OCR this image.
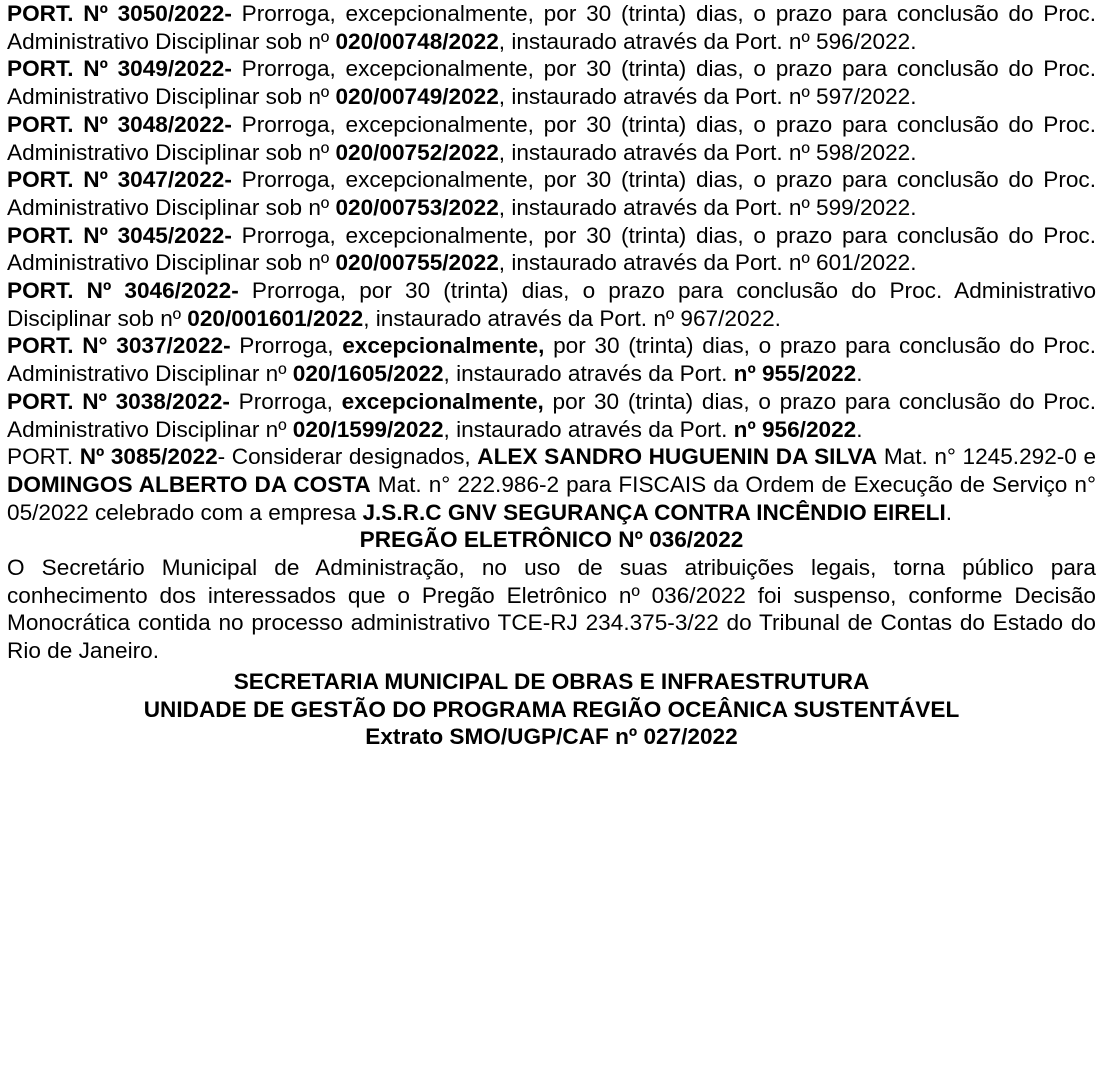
PORT. Nº 3050/2022- Prorroga, excepcionalmente, por 30 (trinta) dias, o prazo para conclusão do Proc. Administrativo Disciplinar sob nº 020/00748/2022, instaurado através da Port. nº 596/2022.

PORT. Nº 3049/2022- Prorroga, excepcionalmente, por 30 (trinta) dias, o prazo para conclusão do Proc. Administrativo Disciplinar sob nº 020/00749/2022, instaurado através da Port. nº 597/2022.

PORT. Nº 3048/2022- Prorroga, excepcionalmente, por 30 (trinta) dias, o prazo para conclusão do Proc. Administrativo Disciplinar sob nº 020/00752/2022, instaurado através da Port. nº 598/2022.

PORT. Nº 3047/2022- Prorroga, excepcionalmente, por 30 (trinta) dias, o prazo para conclusão do Proc. Administrativo Disciplinar sob nº 020/00753/2022, instaurado através da Port. nº 599/2022.

PORT. Nº 3045/2022- Prorroga, excepcionalmente, por 30 (trinta) dias, o prazo para conclusão do Proc. Administrativo Disciplinar sob nº 020/00755/2022, instaurado através da Port. nº 601/2022.

PORT. Nº 3046/2022- Prorroga, por 30 (trinta) dias, o prazo para conclusão do Proc. Administrativo Disciplinar sob nº 020/001601/2022, instaurado através da Port. nº 967/2022.

PORT. N° 3037/2022- Prorroga, excepcionalmente, por 30 (trinta) dias, o prazo para conclusão do Proc. Administrativo Disciplinar nº 020/1605/2022, instaurado através da Port. nº 955/2022.

PORT. Nº 3038/2022- Prorroga, excepcionalmente, por 30 (trinta) dias, o prazo para conclusão do Proc. Administrativo Disciplinar nº 020/1599/2022, instaurado através da Port. nº 956/2022.

PORT. Nº 3085/2022- Considerar designados, ALEX SANDRO HUGUENIN DA SILVA Mat. n° 1245.292-0 e DOMINGOS ALBERTO DA COSTA Mat. n° 222.986-2 para FISCAIS da Ordem de Execução de Serviço n° 05/2022 celebrado com a empresa J.S.R.C GNV SEGURANÇA CONTRA INCÊNDIO EIRELI.

PREGÃO ELETRÔNICO Nº 036/2022

O Secretário Municipal de Administração, no uso de suas atribuições legais, torna público para conhecimento dos interessados que o Pregão Eletrônico nº 036/2022 foi suspenso, conforme Decisão Monocrática contida no processo administrativo TCE-RJ 234.375-3/22 do Tribunal de Contas do Estado do Rio de Janeiro.

SECRETARIA MUNICIPAL DE OBRAS E INFRAESTRUTURA

UNIDADE DE GESTÃO DO PROGRAMA REGIÃO OCEÂNICA SUSTENTÁVEL

Extrato SMO/UGP/CAF nº 027/2022
